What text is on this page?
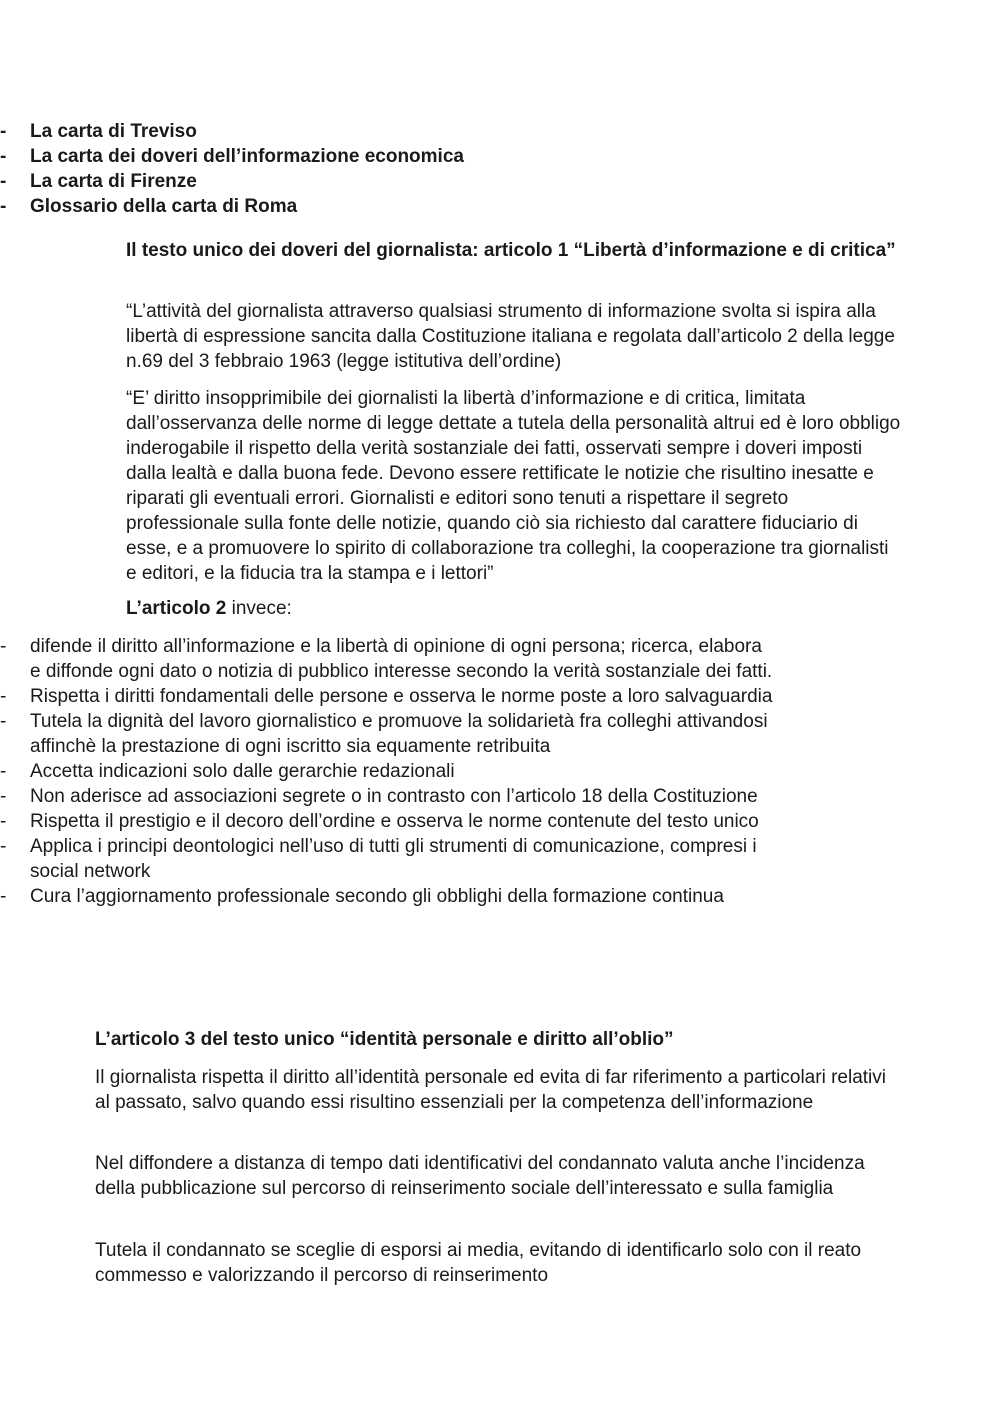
- La carta di Treviso
- La carta dei doveri dell’informazione economica
- La carta di Firenze
- Glossario della carta di Roma

Il testo unico dei doveri del giornalista: articolo 1 “Libertà d’informazione e di critica”

“L’attività del giornalista attraverso qualsiasi strumento di informazione svolta si ispira alla libertà di espressione sancita dalla Costituzione italiana e regolata dall’articolo 2 della legge n.69 del 3 febbraio 1963 (legge istitutiva dell’ordine)

“E’ diritto insopprimibile dei giornalisti la libertà d’informazione e di critica, limitata dall’osservanza delle norme di legge dettate a tutela della personalità altrui ed è loro obbligo inderogabile il rispetto della verità sostanziale dei fatti, osservati sempre i doveri imposti dalla lealtà e dalla buona fede. Devono essere rettificate le notizie che risultino inesatte e riparati gli eventuali errori. Giornalisti e editori sono tenuti a rispettare il segreto professionale sulla fonte delle notizie, quando ciò sia richiesto dal carattere fiduciario di esse, e a promuovere lo spirito di collaborazione tra colleghi, la cooperazione tra giornalisti e editori, e la fiducia tra la stampa e i lettori”

L’articolo 2 invece:

- difende il diritto all’informazione e la libertà di opinione di ogni persona; ricerca, elabora e diffonde ogni dato o notizia di pubblico interesse secondo la verità sostanziale dei fatti.
- Rispetta i diritti fondamentali delle persone e osserva le norme poste a loro salvaguardia
- Tutela la dignità del lavoro giornalistico e promuove la solidarietà fra colleghi attivandosi affinchè la prestazione di ogni iscritto sia equamente retribuita
- Accetta indicazioni solo dalle gerarchie redazionali
- Non aderisce ad associazioni segrete o in contrasto con l’articolo 18 della Costituzione
- Rispetta il prestigio e il decoro dell’ordine e osserva le norme contenute del testo unico
- Applica i principi deontologici nell’uso di tutti gli strumenti di comunicazione, compresi i social network
- Cura l’aggiornamento professionale secondo gli obblighi della formazione continua

L’articolo 3 del testo unico “identità personale e diritto all’oblio”

Il giornalista rispetta il diritto all’identità personale ed evita di far riferimento a particolari relativi al passato, salvo quando essi risultino essenziali per la competenza dell’informazione

Nel diffondere a distanza di tempo dati identificativi del condannato valuta anche l’incidenza della pubblicazione sul percorso di reinserimento sociale dell’interessato e sulla famiglia

Tutela il condannato se sceglie di esporsi ai media, evitando di identificarlo solo con il reato commesso e valorizzando il percorso di reinserimento
